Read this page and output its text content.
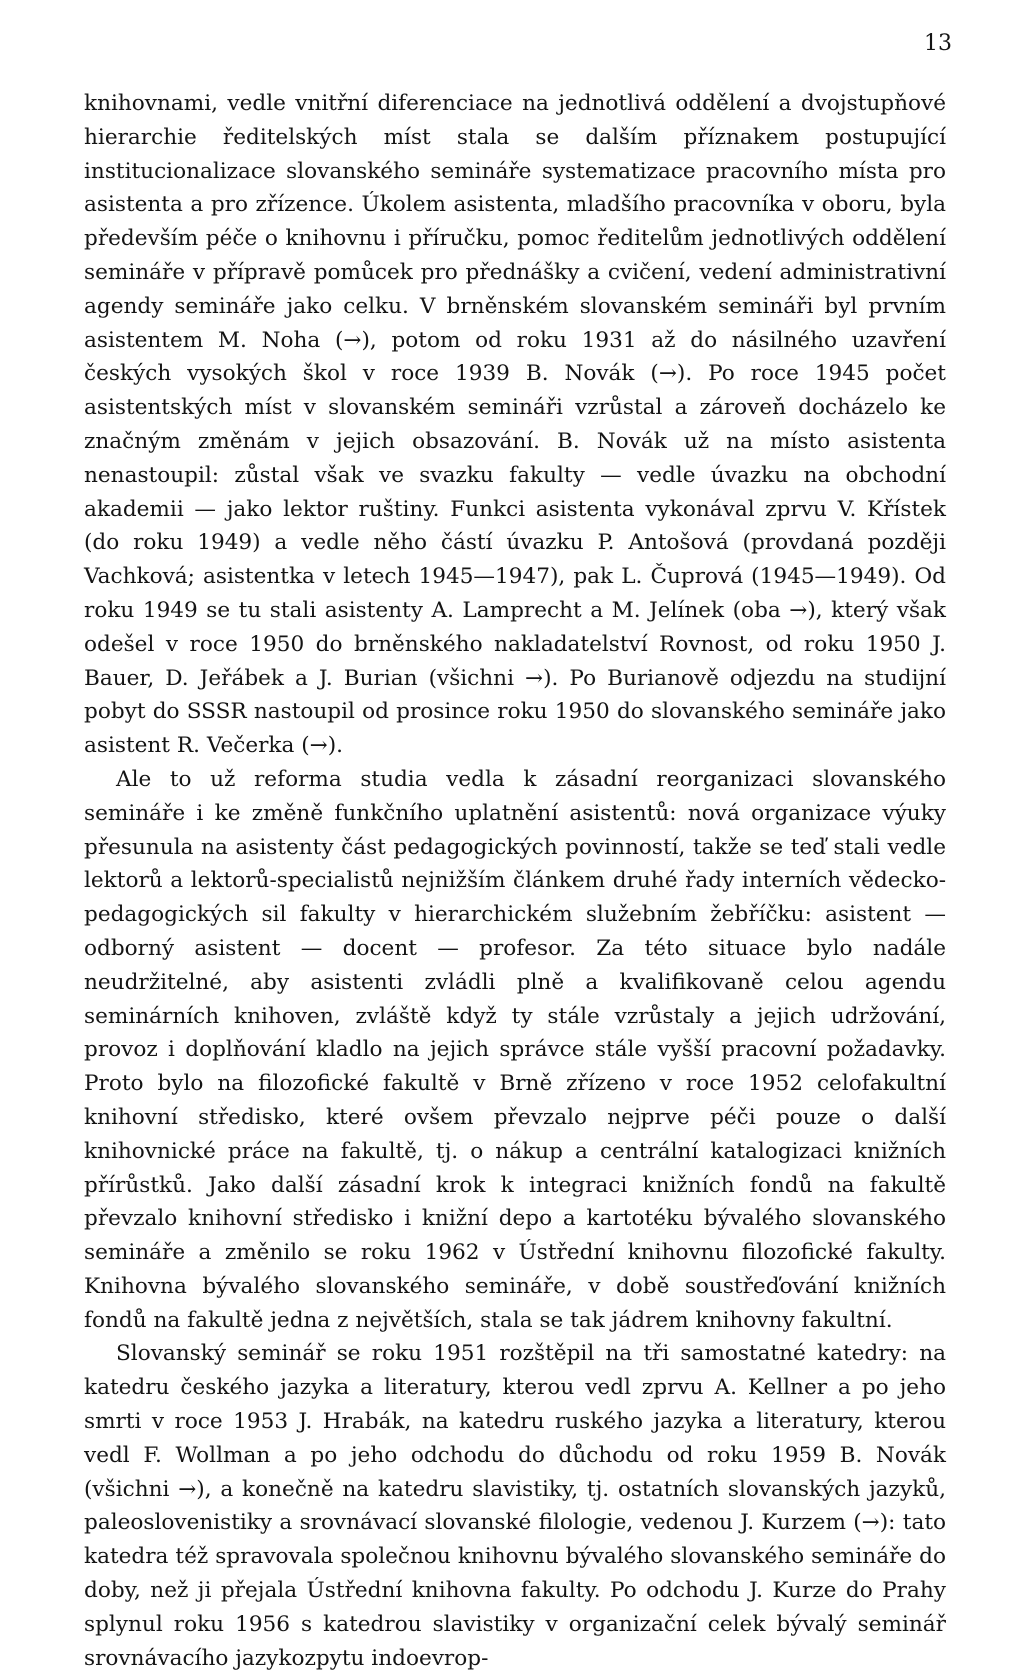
13

knihovnami, vedle vnitřní diferenciace na jednotlivá oddělení a dvojstupňové hierarchie ředitelských míst stala se dalším příznakem postupující institucionalizace slovanského semináře systematizace pracovního místa pro asistenta a pro zřízence. Úkolem asistenta, mladšího pracovníka v oboru, byla především péče o knihovnu i příručku, pomoc ředitelům jednotlivých oddělení semináře v přípravě pomůcek pro přednášky a cvičení, vedení administrativní agendy semináře jako celku. V brněnském slovanském semináři byl prvním asistentem M. Noha (→), potom od roku 1931 až do násilného uzavření českých vysokých škol v roce 1939 B. Novák (→). Po roce 1945 počet asistentských míst v slovanském semináři vzrůstal a zároveň docházelo ke značným změnám v jejich obsazování. B. Novák už na místo asistenta nenastoupil: zůstal však ve svazku fakulty — vedle úvazku na obchodní akademii — jako lektor ruštiny. Funkci asistenta vykonával zprvu V. Křístek (do roku 1949) a vedle něho částí úvazku P. Antošová (provdaná později Vachková; asistentka v letech 1945—1947), pak L. Čuprová (1945—1949). Od roku 1949 se tu stali asistenty A. Lamprecht a M. Jelínek (oba →), který však odešel v roce 1950 do brněnského nakladatelství Rovnost, od roku 1950 J. Bauer, D. Jeřábek a J. Burian (všichni →). Po Burianově odjezdu na studijní pobyt do SSSR nastoupil od prosince roku 1950 do slovanského semináře jako asistent R. Večerka (→).

Ale to už reforma studia vedla k zásadní reorganizaci slovanského semináře i ke změně funkčního uplatnění asistentů: nová organizace výuky přesunula na asistenty část pedagogických povinností, takže se teď stali vedle lektorů a lektorů-specialistů nejnižším článkem druhé řady interních vědecko-pedagogických sil fakulty v hierarchickém služebním žebříčku: asistent — odborný asistent — docent — profesor. Za této situace bylo nadále neudržitelné, aby asistenti zvládli plně a kvalifikovaně celou agendu seminárních knihoven, zvláště když ty stále vzrůstaly a jejich udržování, provoz i doplňování kladlo na jejich správce stále vyšší pracovní požadavky. Proto bylo na filozofické fakultě v Brně zřízeno v roce 1952 celofakultní knihovní středisko, které ovšem převzalo nejprve péči pouze o další knihovnické práce na fakultě, tj. o nákup a centrální katalogizaci knižních přírůstků. Jako další zásadní krok k integraci knižních fondů na fakultě převzalo knihovní středisko i knižní depo a kartotéku bývalého slovanského semináře a změnilo se roku 1962 v Ústřední knihovnu filozofické fakulty. Knihovna bývalého slovanského semináře, v době soustřeďování knižních fondů na fakultě jedna z největších, stala se tak jádrem knihovny fakultní.

Slovanský seminář se roku 1951 rozštěpil na tři samostatné katedry: na katedru českého jazyka a literatury, kterou vedl zprvu A. Kellner a po jeho smrti v roce 1953 J. Hrabák, na katedru ruského jazyka a literatury, kterou vedl F. Wollman a po jeho odchodu do důchodu od roku 1959 B. Novák (všichni →), a konečně na katedru slavistiky, tj. ostatních slovanských jazyků, paleoslovenistiky a srovnávací slovanské filologie, vedenou J. Kurzem (→): tato katedra též spravovala společnou knihovnu bývalého slovanského semináře do doby, než ji přejala Ústřední knihovna fakulty. Po odchodu J. Kurze do Prahy splynul roku 1956 s katedrou slavistiky v organizační celek bývalý seminář srovnávacího jazykozpytu indoevrop-
